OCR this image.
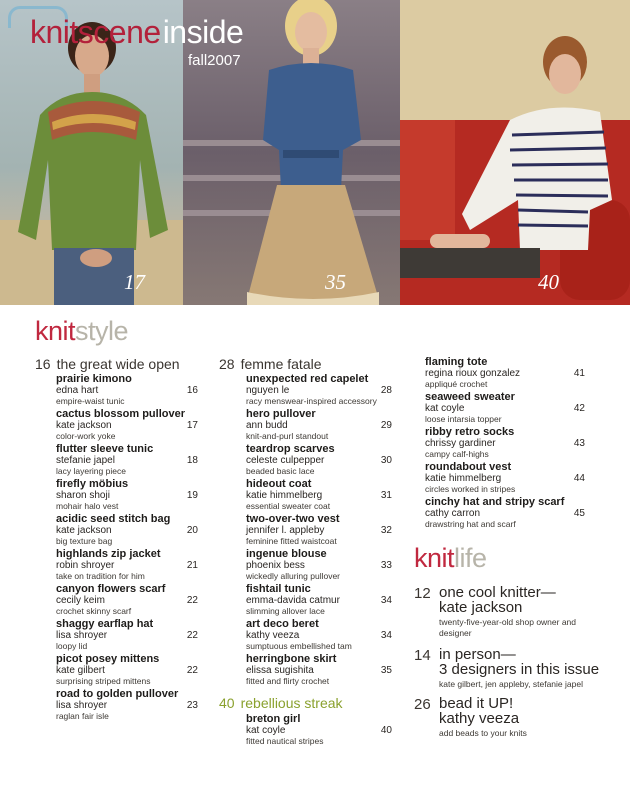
17	35	40
knitsceneinside
fall2007
knitstyle
16 the great wide open
prairie kimono
edna hart
empire-waist tunic
16
cactus blossom pullover
kate jackson
color-work yoke
17
flutter sleeve tunic
stefanie japel
lacy layering piece
18
firefly möbius
sharon shoji
mohair halo vest
19
acidic seed stitch bag
kate jackson
big texture bag
20
highlands zip jacket
robin shroyer
take on tradition for him
21
canyon flowers scarf
cecily keim
crochet skinny scarf
22
shaggy earflap hat
lisa shroyer
loopy lid
22
picot posey mittens
kate gilbert
surprising striped mittens
22
road to golden pullover
lisa shroyer
raglan fair isle
23
28 femme fatale
unexpected red capelet
nguyen le
racy menswear-inspired accessory
28
hero pullover
ann budd
knit-and-purl standout
29
teardrop scarves
celeste culpepper
beaded basic lace
30
hideout coat
katie himmelberg
essential sweater coat
31
two-over-two vest
jennifer l. appleby
feminine fitted waistcoat
32
ingenue blouse
phoenix bess
wickedly alluring pullover
33
fishtail tunic
emma-davida catmur
slimming allover lace
34
art deco beret
kathy veeza
sumptuous embellished tam
34
herringbone skirt
elissa sugishita
fitted and flirty crochet
35
40 rebellious streak
breton girl
kat coyle
fitted nautical stripes
40
flaming tote
regina rioux gonzalez
appliqué crochet
41
seaweed sweater
kat coyle
loose intarsia topper
42
ribby retro socks
chrissy gardiner
campy calf-highs
43
roundabout vest
katie himmelberg
circles worked in stripes
44
cinchy hat and stripy scarf
cathy carron
drawstring hat and scarf
45
knitlife
12 one cool knitter—
kate jackson
twenty-five-year-old shop owner and
designer
14 in person—
3 designers in this issue
kate gilbert, jen appleby, stefanie japel
26 bead it UP!
kathy veeza
add beads to your knits
